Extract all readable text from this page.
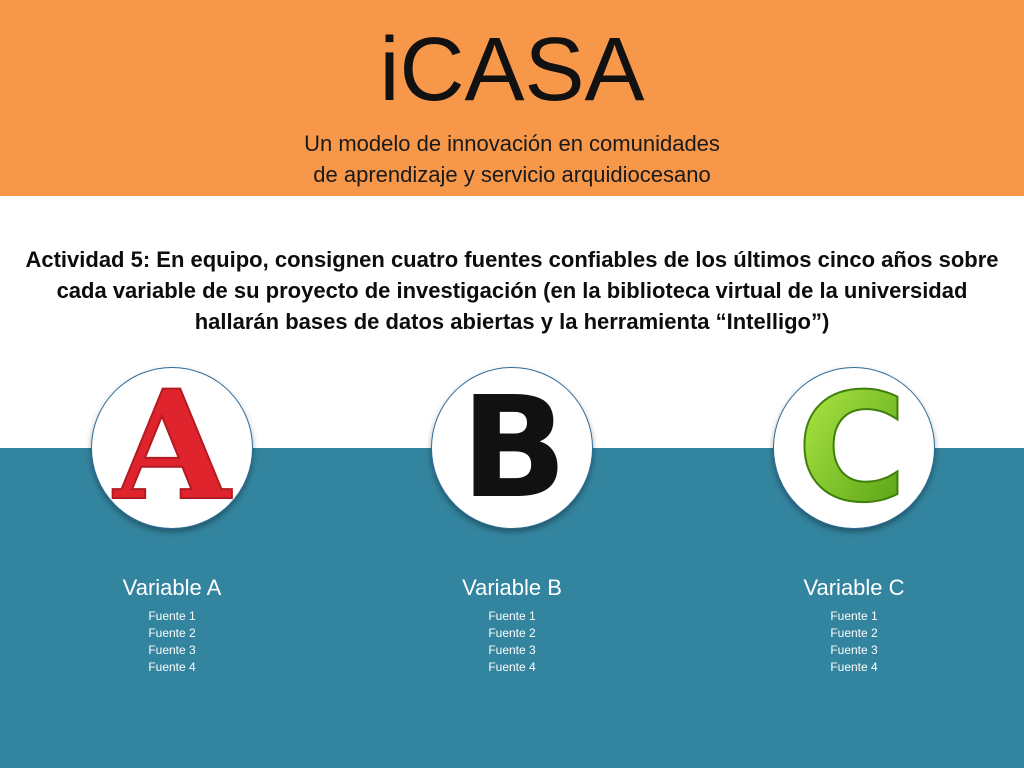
iCASA

Un modelo de innovación en comunidades
de aprendizaje y servicio arquidiocesano

Actividad 5: En equipo, consignen cuatro fuentes confiables de los últimos cinco años sobre
cada variable de su proyecto de investigación (en la biblioteca virtual de la universidad
hallarán bases de datos abiertas y la herramienta “Intelligo”)

A
Variable A
Fuente 1
Fuente 2
Fuente 3
Fuente 4
B
Variable B
Fuente 1
Fuente 2
Fuente 3
Fuente 4
C
Variable C
Fuente 1
Fuente 2
Fuente 3
Fuente 4
